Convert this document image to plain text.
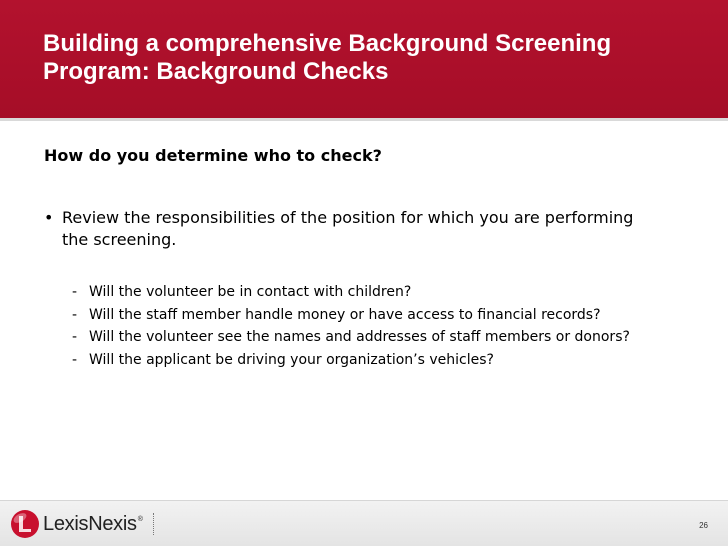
Building a comprehensive Background Screening Program: Background Checks
How do you determine who to check?
• Review the responsibilities of the position for which you are performing the screening.
- Will the volunteer be in contact with children?
- Will the staff member handle money or have access to financial records?
- Will the volunteer see the names and addresses of staff members or donors?
- Will the applicant be driving your organization’s vehicles?
LexisNexis®
26
